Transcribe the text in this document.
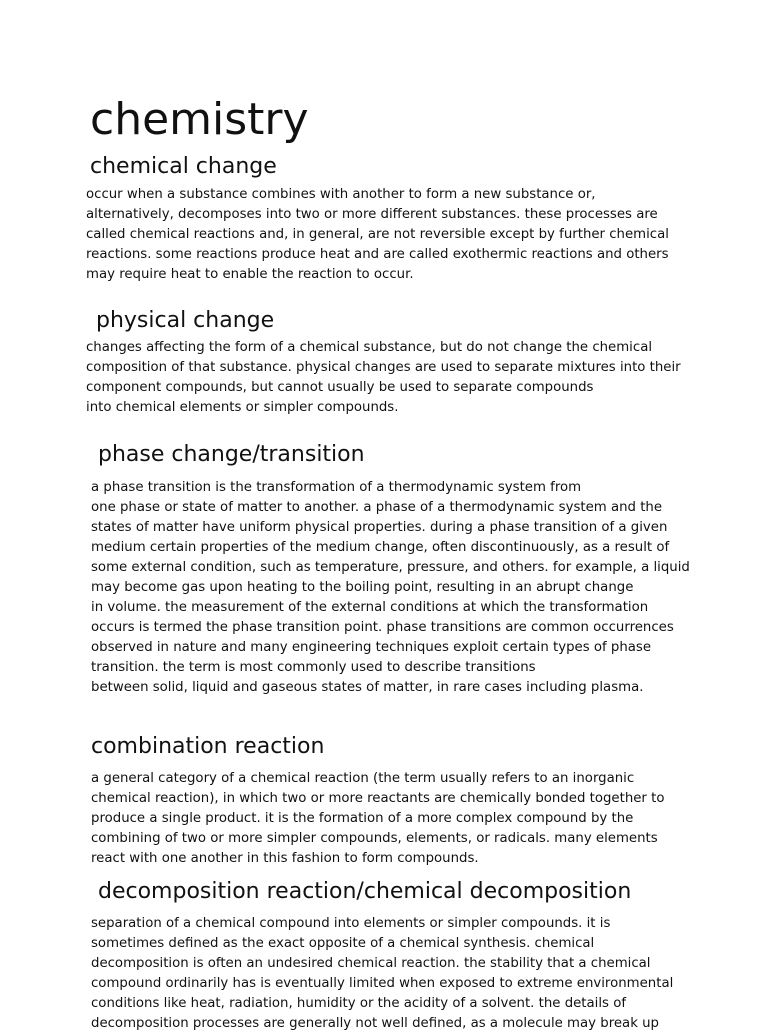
chemistry
chemical change

occur when a substance combines with another to form a new substance or,
alternatively, decomposes into two or more different substances. these processes are
called chemical reactions and, in general, are not reversible except by further chemical
reactions. some reactions produce heat and are called exothermic reactions and others
may require heat to enable the reaction to occur.

physical change

changes affecting the form of a chemical substance, but do not change the chemical
composition of that substance. physical changes are used to separate mixtures into their
component compounds, but cannot usually be used to separate compounds
into chemical elements or simpler compounds.

phase change/transition

a phase transition is the transformation of a thermodynamic system from
one phase or state of matter to another. a phase of a thermodynamic system and the
states of matter have uniform physical properties. during a phase transition of a given
medium certain properties of the medium change, often discontinuously, as a result of
some external condition, such as temperature, pressure, and others. for example, a liquid
may become gas upon heating to the boiling point, resulting in an abrupt change
in volume. the measurement of the external conditions at which the transformation
occurs is termed the phase transition point. phase transitions are common occurrences
observed in nature and many engineering techniques exploit certain types of phase
transition. the term is most commonly used to describe transitions
between solid, liquid and gaseous states of matter, in rare cases including plasma.

combination reaction

a general category of a chemical reaction (the term usually refers to an inorganic
chemical reaction), in which two or more reactants are chemically bonded together to
produce a single product. it is the formation of a more complex compound by the
combining of two or more simpler compounds, elements, or radicals. many elements
react with one another in this fashion to form compounds.

decomposition reaction/chemical decomposition

separation of a chemical compound into elements or simpler compounds. it is
sometimes defined as the exact opposite of a chemical synthesis. chemical
decomposition is often an undesired chemical reaction. the stability that a chemical
compound ordinarily has is eventually limited when exposed to extreme environmental
conditions like heat, radiation, humidity or the acidity of a solvent. the details of
decomposition processes are generally not well defined, as a molecule may break up
